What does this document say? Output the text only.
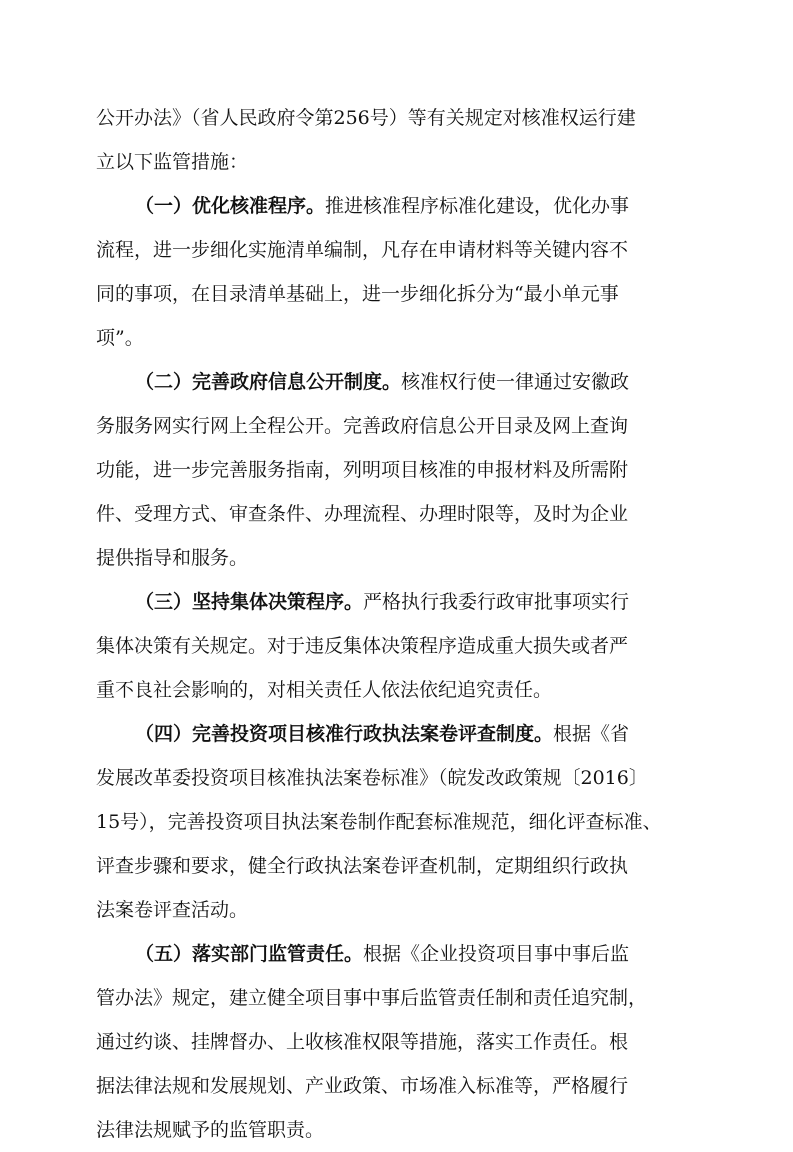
公开办法》（省人民政府令第256号）等有关规定对核准权运行建
立以下监管措施：
（一）优化核准程序。推进核准程序标准化建设，优化办事
流程，进一步细化实施清单编制，凡存在申请材料等关键内容不
同的事项，在目录清单基础上，进一步细化拆分为“最小单元事
项”。
（二）完善政府信息公开制度。核准权行使一律通过安徽政
务服务网实行网上全程公开。完善政府信息公开目录及网上查询
功能，进一步完善服务指南，列明项目核准的申报材料及所需附
件、受理方式、审查条件、办理流程、办理时限等，及时为企业
提供指导和服务。
（三）坚持集体决策程序。严格执行我委行政审批事项实行
集体决策有关规定。对于违反集体决策程序造成重大损失或者严
重不良社会影响的，对相关责任人依法依纪追究责任。
（四）完善投资项目核准行政执法案卷评查制度。根据《省
发展改革委投资项目核准执法案卷标准》（皖发改政策规〔2016〕
15号），完善投资项目执法案卷制作配套标准规范，细化评查标准、
评查步骤和要求，健全行政执法案卷评查机制，定期组织行政执
法案卷评查活动。
（五）落实部门监管责任。根据《企业投资项目事中事后监
管办法》规定，建立健全项目事中事后监管责任制和责任追究制，
通过约谈、挂牌督办、上收核准权限等措施，落实工作责任。根
据法律法规和发展规划、产业政策、市场准入标准等，严格履行
法律法规赋予的监管职责。
